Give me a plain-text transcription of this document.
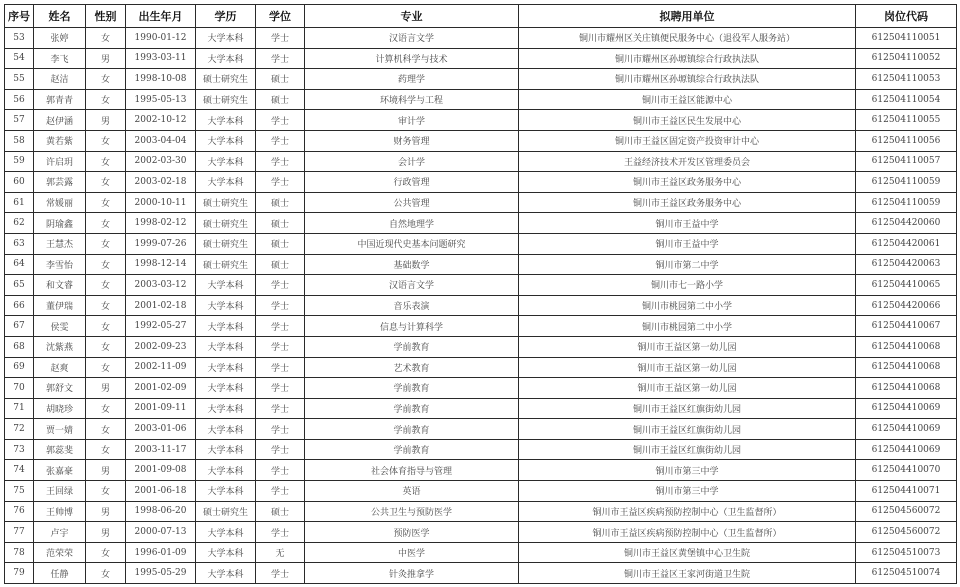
序号	姓名	性别	出生年月	学历	学位	专业	拟聘用单位	岗位代码
53	张婷	女	1990-01-12	大学本科	学士	汉语言文学	铜川市耀州区关庄镇便民服务中心（退役军人服务站）	612504110051
54	李飞	男	1993-03-11	大学本科	学士	计算机科学与技术	铜川市耀州区孙塬镇综合行政执法队	612504110052
55	赵洁	女	1998-10-08	硕士研究生	硕士	药理学	铜川市耀州区孙塬镇综合行政执法队	612504110053
56	郭青青	女	1995-05-13	硕士研究生	硕士	环境科学与工程	铜川市王益区能源中心	612504110054
57	赵伊涵	男	2002-10-12	大学本科	学士	审计学	铜川市王益区民生发展中心	612504110055
58	黄若紫	女	2003-04-04	大学本科	学士	财务管理	铜川市王益区固定资产投资审计中心	612504110056
59	许启玥	女	2002-03-30	大学本科	学士	会计学	王益经济技术开发区管理委员会	612504110057
60	郭芸露	女	2003-02-18	大学本科	学士	行政管理	铜川市王益区政务服务中心	612504110059
61	常媛丽	女	2000-10-11	硕士研究生	硕士	公共管理	铜川市王益区政务服务中心	612504110059
62	阴瑜鑫	女	1998-02-12	硕士研究生	硕士	自然地理学	铜川市王益中学	612504420060
63	王慧杰	女	1999-07-26	硕士研究生	硕士	中国近现代史基本问题研究	铜川市王益中学	612504420061
64	李雪怡	女	1998-12-14	硕士研究生	硕士	基础数学	铜川市第二中学	612504420063
65	和文睿	女	2003-03-12	大学本科	学士	汉语言文学	铜川市七一路小学	612504410065
66	董伊瑞	女	2001-02-18	大学本科	学士	音乐表演	铜川市桃园第二中小学	612504420066
67	侯雯	女	1992-05-27	大学本科	学士	信息与计算科学	铜川市桃园第二中小学	612504410067
68	沈紫燕	女	2002-09-23	大学本科	学士	学前教育	铜川市王益区第一幼儿园	612504410068
69	赵爽	女	2002-11-09	大学本科	学士	艺术教育	铜川市王益区第一幼儿园	612504410068
70	郭舒文	男	2001-02-09	大学本科	学士	学前教育	铜川市王益区第一幼儿园	612504410068
71	胡晓珍	女	2001-09-11	大学本科	学士	学前教育	铜川市王益区红旗街幼儿园	612504410069
72	贾一婧	女	2003-01-06	大学本科	学士	学前教育	铜川市王益区红旗街幼儿园	612504410069
73	郭蕊斐	女	2003-11-17	大学本科	学士	学前教育	铜川市王益区红旗街幼儿园	612504410069
74	张嘉豪	男	2001-09-08	大学本科	学士	社会体育指导与管理	铜川市第三中学	612504410070
75	王回绿	女	2001-06-18	大学本科	学士	英语	铜川市第三中学	612504410071
76	王帅博	男	1998-06-20	硕士研究生	硕士	公共卫生与预防医学	铜川市王益区疾病预防控制中心（卫生监督所）	612504560072
77	卢宇	男	2000-07-13	大学本科	学士	预防医学	铜川市王益区疾病预防控制中心（卫生监督所）	612504560072
78	范荣荣	女	1996-01-09	大学本科	无	中医学	铜川市王益区黄堡镇中心卫生院	612504510073
79	任静	女	1995-05-29	大学本科	学士	针灸推拿学	铜川市王益区王家河街道卫生院	612504510074
